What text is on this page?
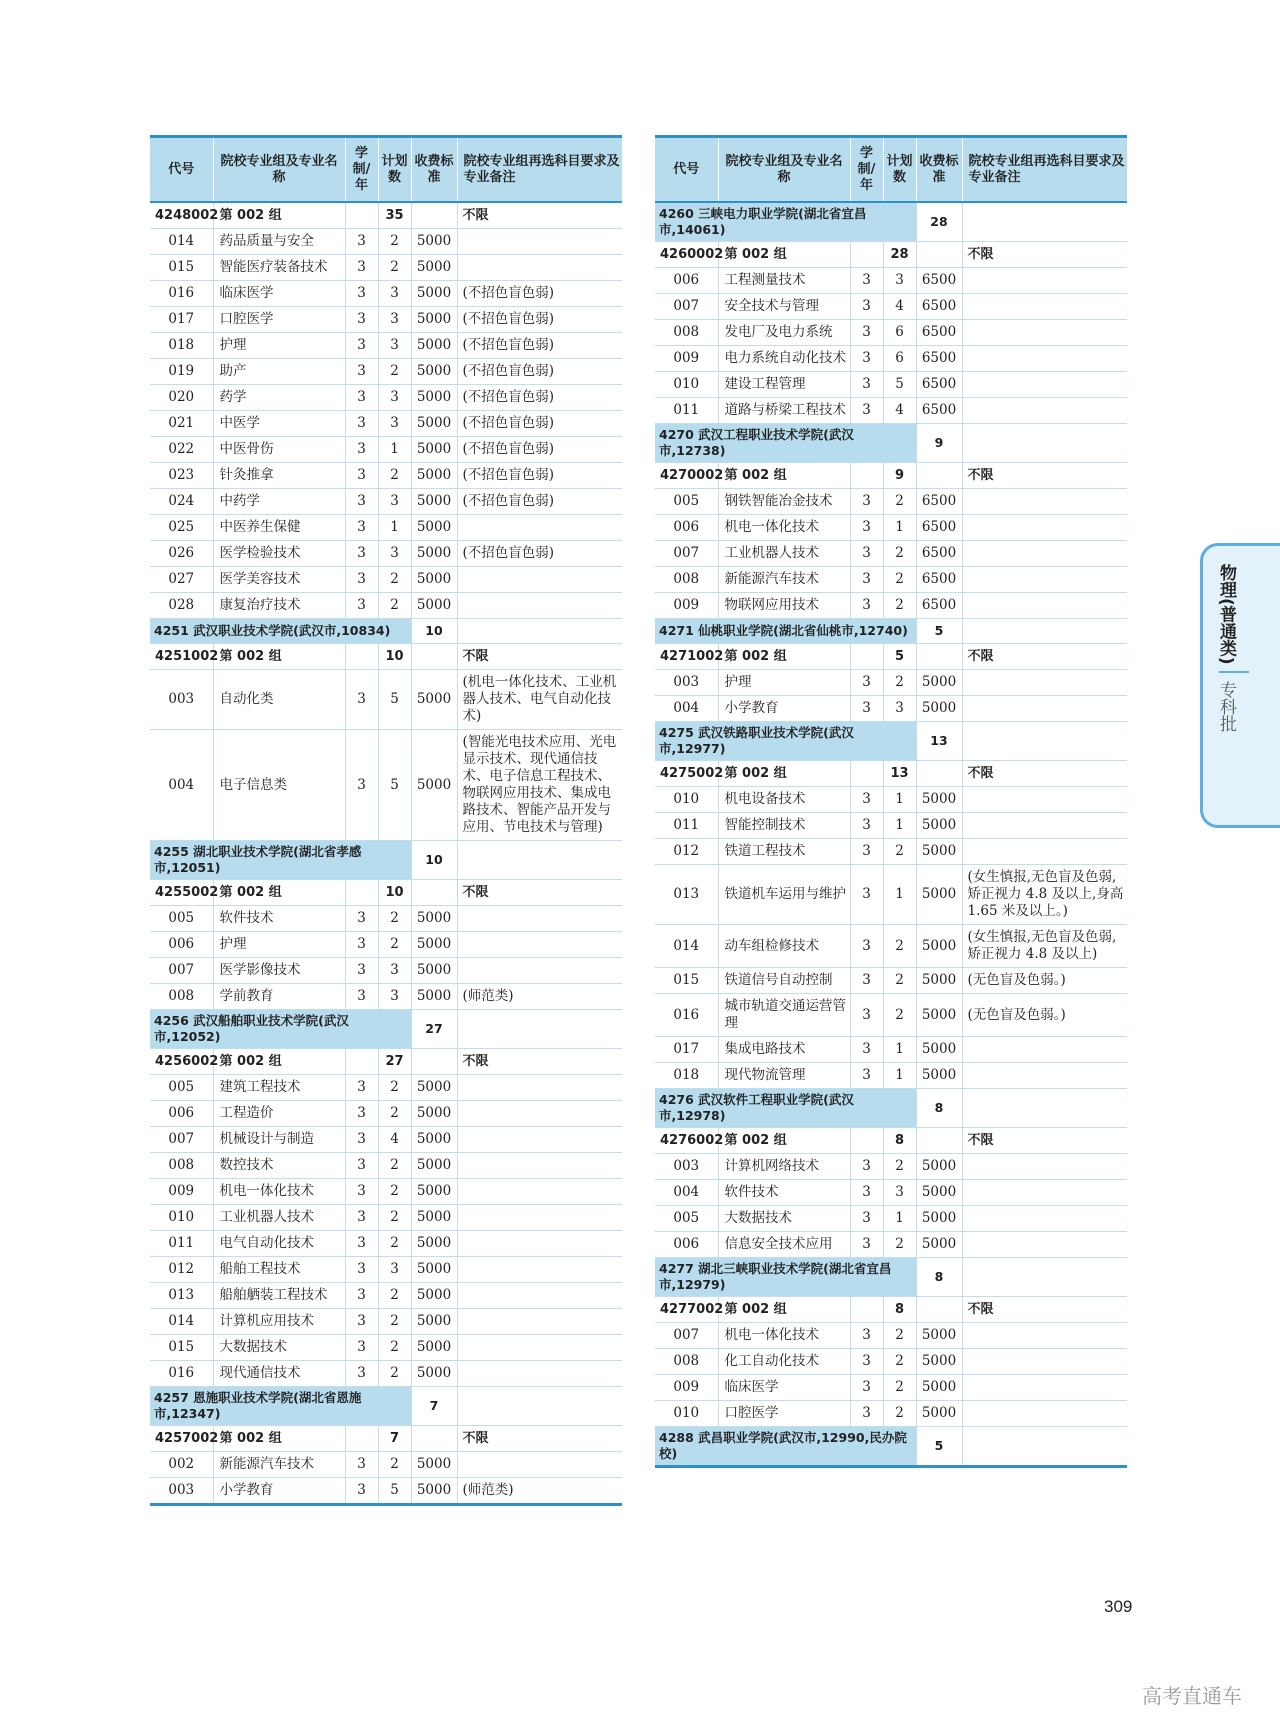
代号	院校专业组及专业名称	学制/年	计划数	收费标准	院校专业组再选科目要求及专业备注
4248002	第 002 组		35		不限
014	药品质量与安全	3	2	5000	
015	智能医疗装备技术	3	2	5000	
016	临床医学	3	3	5000	(不招色盲色弱)
017	口腔医学	3	3	5000	(不招色盲色弱)
018	护理	3	3	5000	(不招色盲色弱)
019	助产	3	2	5000	(不招色盲色弱)
020	药学	3	3	5000	(不招色盲色弱)
021	中医学	3	3	5000	(不招色盲色弱)
022	中医骨伤	3	1	5000	(不招色盲色弱)
023	针灸推拿	3	2	5000	(不招色盲色弱)
024	中药学	3	3	5000	(不招色盲色弱)
025	中医养生保健	3	1	5000	
026	医学检验技术	3	3	5000	(不招色盲色弱)
027	医学美容技术	3	2	5000	
028	康复治疗技术	3	2	5000	
4251 武汉职业技术学院(武汉市,10834)				10	
4251002	第 002 组		10		不限
003	自动化类	3	5	5000	(机电一体化技术、工业机器人技术、电气自动化技术)
004	电子信息类	3	5	5000	(智能光电技术应用、光电显示技术、现代通信技术、电子信息工程技术、物联网应用技术、集成电路技术、智能产品开发与应用、节电技术与管理)
4255 湖北职业技术学院(湖北省孝感市,12051)				10	
4255002	第 002 组		10		不限
005	软件技术	3	2	5000	
006	护理	3	2	5000	
007	医学影像技术	3	3	5000	
008	学前教育	3	3	5000	(师范类)
4256 武汉船舶职业技术学院(武汉市,12052)				27	
4256002	第 002 组		27		不限
005	建筑工程技术	3	2	5000	
006	工程造价	3	2	5000	
007	机械设计与制造	3	4	5000	
008	数控技术	3	2	5000	
009	机电一体化技术	3	2	5000	
010	工业机器人技术	3	2	5000	
011	电气自动化技术	3	2	5000	
012	船舶工程技术	3	3	5000	
013	船舶舾装工程技术	3	2	5000	
014	计算机应用技术	3	2	5000	
015	大数据技术	3	2	5000	
016	现代通信技术	3	2	5000	
4257 恩施职业技术学院(湖北省恩施市,12347)				7	
4257002	第 002 组		7		不限
002	新能源汽车技术	3	2	5000	
003	小学教育	3	5	5000	(师范类)
代号	院校专业组及专业名称	学制/年	计划数	收费标准	院校专业组再选科目要求及专业备注
4260 三峡电力职业学院(湖北省宜昌市,14061)				28	
4260002	第 002 组		28		不限
006	工程测量技术	3	3	6500	
007	安全技术与管理	3	4	6500	
008	发电厂及电力系统	3	6	6500	
009	电力系统自动化技术	3	6	6500	
010	建设工程管理	3	5	6500	
011	道路与桥梁工程技术	3	4	6500	
4270 武汉工程职业技术学院(武汉市,12738)				9	
4270002	第 002 组		9		不限
005	钢铁智能冶金技术	3	2	6500	
006	机电一体化技术	3	1	6500	
007	工业机器人技术	3	2	6500	
008	新能源汽车技术	3	2	6500	
009	物联网应用技术	3	2	6500	
4271 仙桃职业学院(湖北省仙桃市,12740)				5	
4271002	第 002 组		5		不限
003	护理	3	2	5000	
004	小学教育	3	3	5000	
4275 武汉铁路职业技术学院(武汉市,12977)				13	
4275002	第 002 组		13		不限
010	机电设备技术	3	1	5000	
011	智能控制技术	3	1	5000	
012	铁道工程技术	3	2	5000	
013	铁道机车运用与维护	3	1	5000	(女生慎报,无色盲及色弱,矫正视力 4.8 及以上,身高 1.65 米及以上。)
014	动车组检修技术	3	2	5000	(女生慎报,无色盲及色弱,矫正视力 4.8 及以上)
015	铁道信号自动控制	3	2	5000	(无色盲及色弱。)
016	城市轨道交通运营管理	3	2	5000	(无色盲及色弱。)
017	集成电路技术	3	1	5000	
018	现代物流管理	3	1	5000	
4276 武汉软件工程职业学院(武汉市,12978)				8	
4276002	第 002 组		8		不限
003	计算机网络技术	3	2	5000	
004	软件技术	3	3	5000	
005	大数据技术	3	1	5000	
006	信息安全技术应用	3	2	5000	
4277 湖北三峡职业技术学院(湖北省宜昌市,12979)				8	
4277002	第 002 组		8		不限
007	机电一体化技术	3	2	5000	
008	化工自动化技术	3	2	5000	
009	临床医学	3	2	5000	
010	口腔医学	3	2	5000	
4288 武昌职业学院(武汉市,12990,民办院校)				5	
物理(普通类)
专科批
309
高考直通车
